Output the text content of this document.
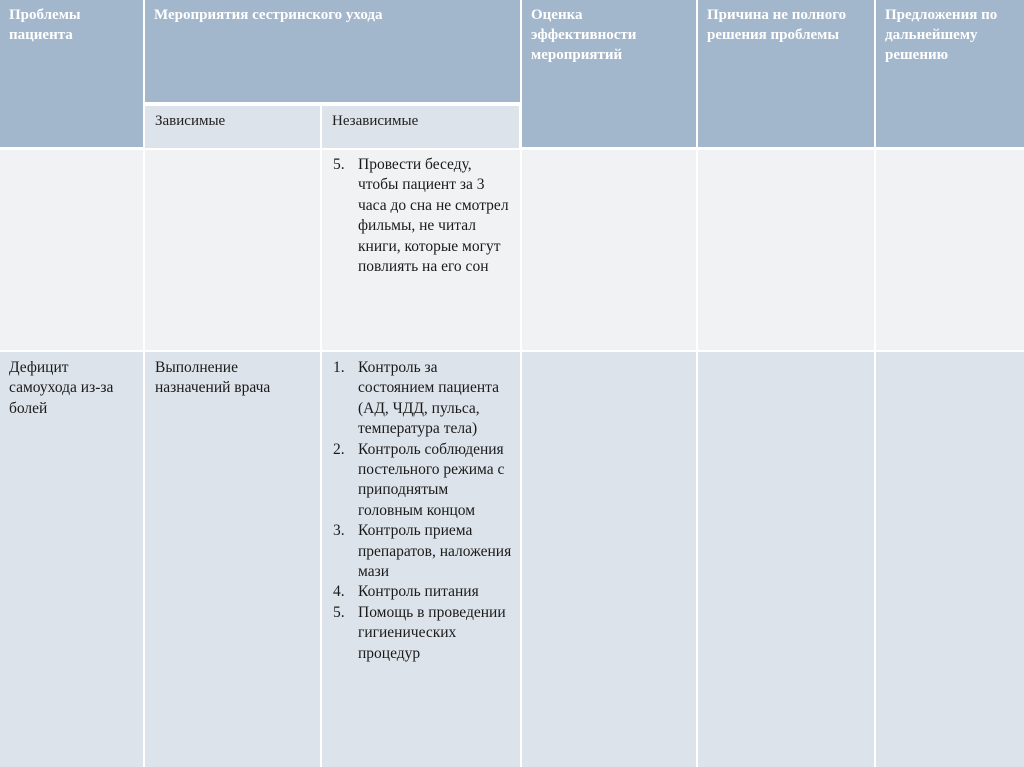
Проблемы пациента
Мероприятия сестринского ухода
Зависимые	Независимые
Оценка эффективности мероприятий
Причина не полного решения проблемы
Предложения по дальнейшему решению
5. Провести беседу, чтобы пациент за 3 часа до сна не смотрел фильмы, не читал книги, которые могут повлиять на его сон
Дефицит самоухода из-за болей
Выполнение назначений врача
1. Контроль за состоянием пациента (АД, ЧДД, пульса, температура тела)
2. Контроль соблюдения постельного режима с приподнятым головным концом
3. Контроль приема препаратов, наложения мази
4. Контроль питания
5. Помощь в проведении гигиенических процедур
